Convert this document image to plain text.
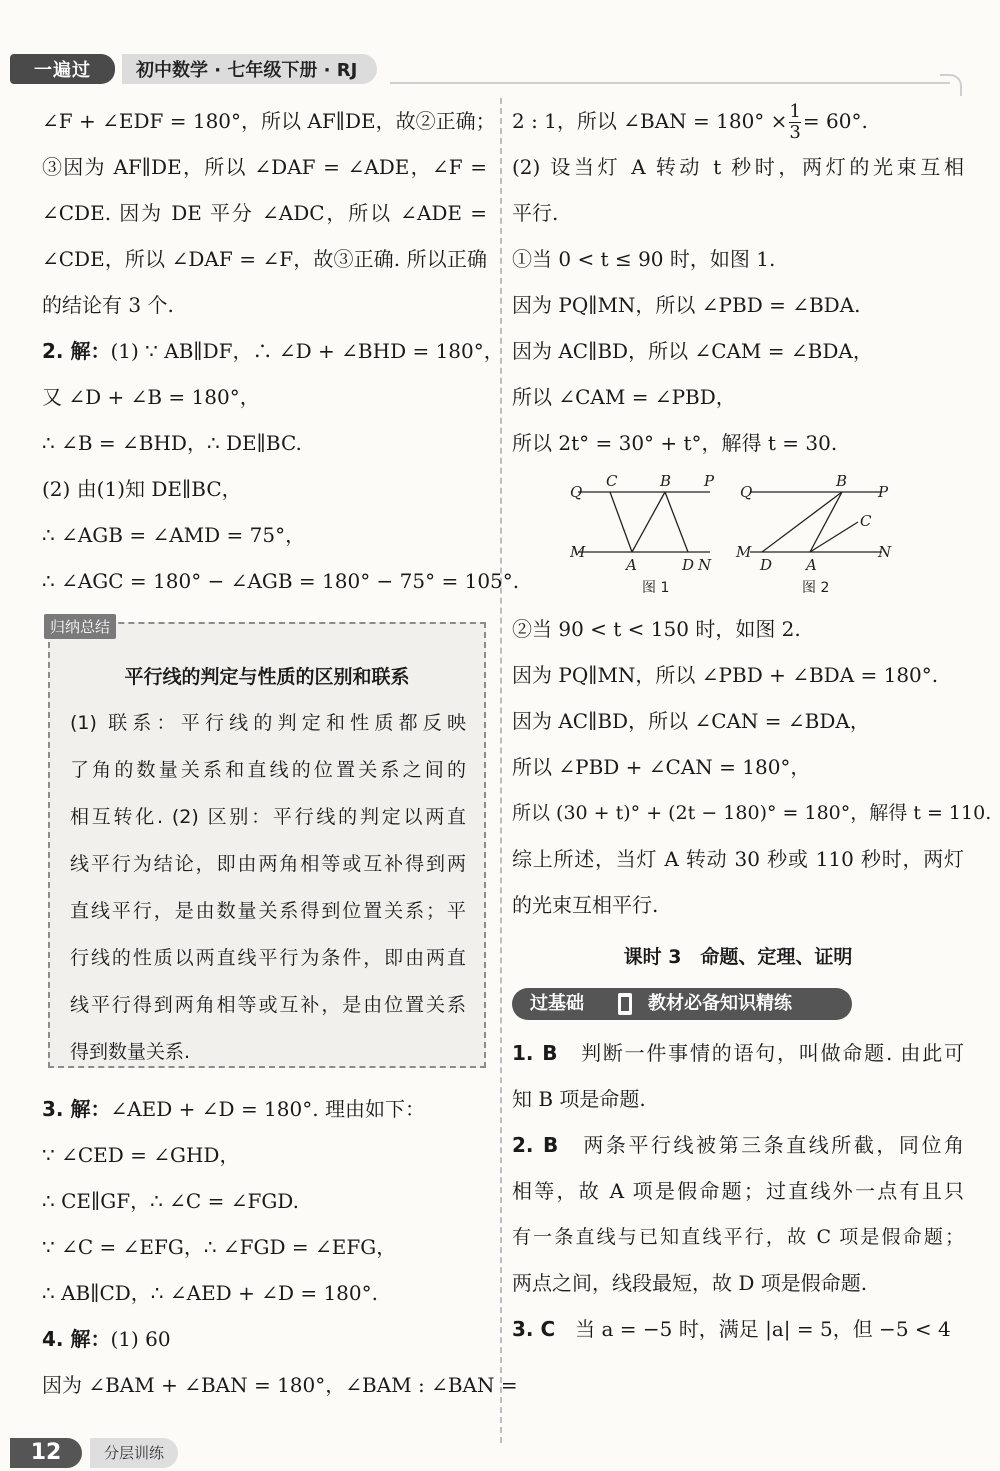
一遍过	初中数学 · 七年级下册 · RJ
∠F + ∠EDF = 180°，所以 AF∥DE，故②正确；
③因为 AF∥DE，所以 ∠DAF = ∠ADE，∠F =
∠CDE. 因为 DE 平分 ∠ADC，所以 ∠ADE =
∠CDE，所以 ∠DAF = ∠F，故③正确. 所以正确
的结论有 3 个.
2. 解：(1) ∵ AB∥DF，∴ ∠D + ∠BHD = 180°，
又 ∠D + ∠B = 180°，
∴ ∠B = ∠BHD，∴ DE∥BC.
(2) 由(1)知 DE∥BC，
∴ ∠AGB = ∠AMD = 75°，
∴ ∠AGC = 180° − ∠AGB = 180° − 75° = 105°.
归纳总结
平行线的判定与性质的区别和联系
(1) 联系：平行线的判定和性质都反映
了角的数量关系和直线的位置关系之间的
相互转化. (2) 区别：平行线的判定以两直
线平行为结论，即由两角相等或互补得到两
直线平行，是由数量关系得到位置关系；平
行线的性质以两直线平行为条件，即由两直
线平行得到两角相等或互补，是由位置关系
得到数量关系.
3. 解：∠AED + ∠D = 180°. 理由如下：
∵ ∠CED = ∠GHD，
∴ CE∥GF，∴ ∠C = ∠FGD.
∵ ∠C = ∠EFG，∴ ∠FGD = ∠EFG，
∴ AB∥CD，∴ ∠AED + ∠D = 180°.
4. 解：(1) 60
因为 ∠BAM + ∠BAN = 180°，∠BAM : ∠BAN =
2 : 1，所以 ∠BAN = $180^\circ \times \frac{1}{3} = 60^\circ$.
(2) 设当灯 A 转动 t 秒时，两灯的光束互相
平行.
①当 0 < t ≤ 90 时，如图 1.
因为 PQ∥MN，所以 ∠PBD = ∠BDA.
因为 AC∥BD，所以 ∠CAM = ∠BDA，
所以 ∠CAM = ∠PBD，
所以 2t° = 30° + t°，解得 t = 30.
Q
C	B P
M
A	D N
图 1
Q
B
P
C
M
D A
N
图 2
②当 90 < t < 150 时，如图 2.
因为 PQ∥MN，所以 ∠PBD + ∠BDA = 180°.
因为 AC∥BD，所以 ∠CAN = ∠BDA，
所以 ∠PBD + ∠CAN = 180°，
所以 (30 + t)° + (2t − 180)° = 180°，解得 t = 110.
综上所述，当灯 A 转动 30 秒或 110 秒时，两灯
的光束互相平行.
课时 3　命题、定理、证明
过基础	教材必备知识精练
1. B　 判断一件事情的语句，叫做命题. 由此可
知 B 项是命题.
2. B　 两条平行线被第三条直线所截，同位角
相等，故 A 项是假命题；过直线外一点有且只
有一条直线与已知直线平行，故 C 项是假命题；
两点之间，线段最短，故 D 项是假命题.
3. C　 当 a = −5 时，满足 |a| = 5，但 −5 < 4
12	分层训练
